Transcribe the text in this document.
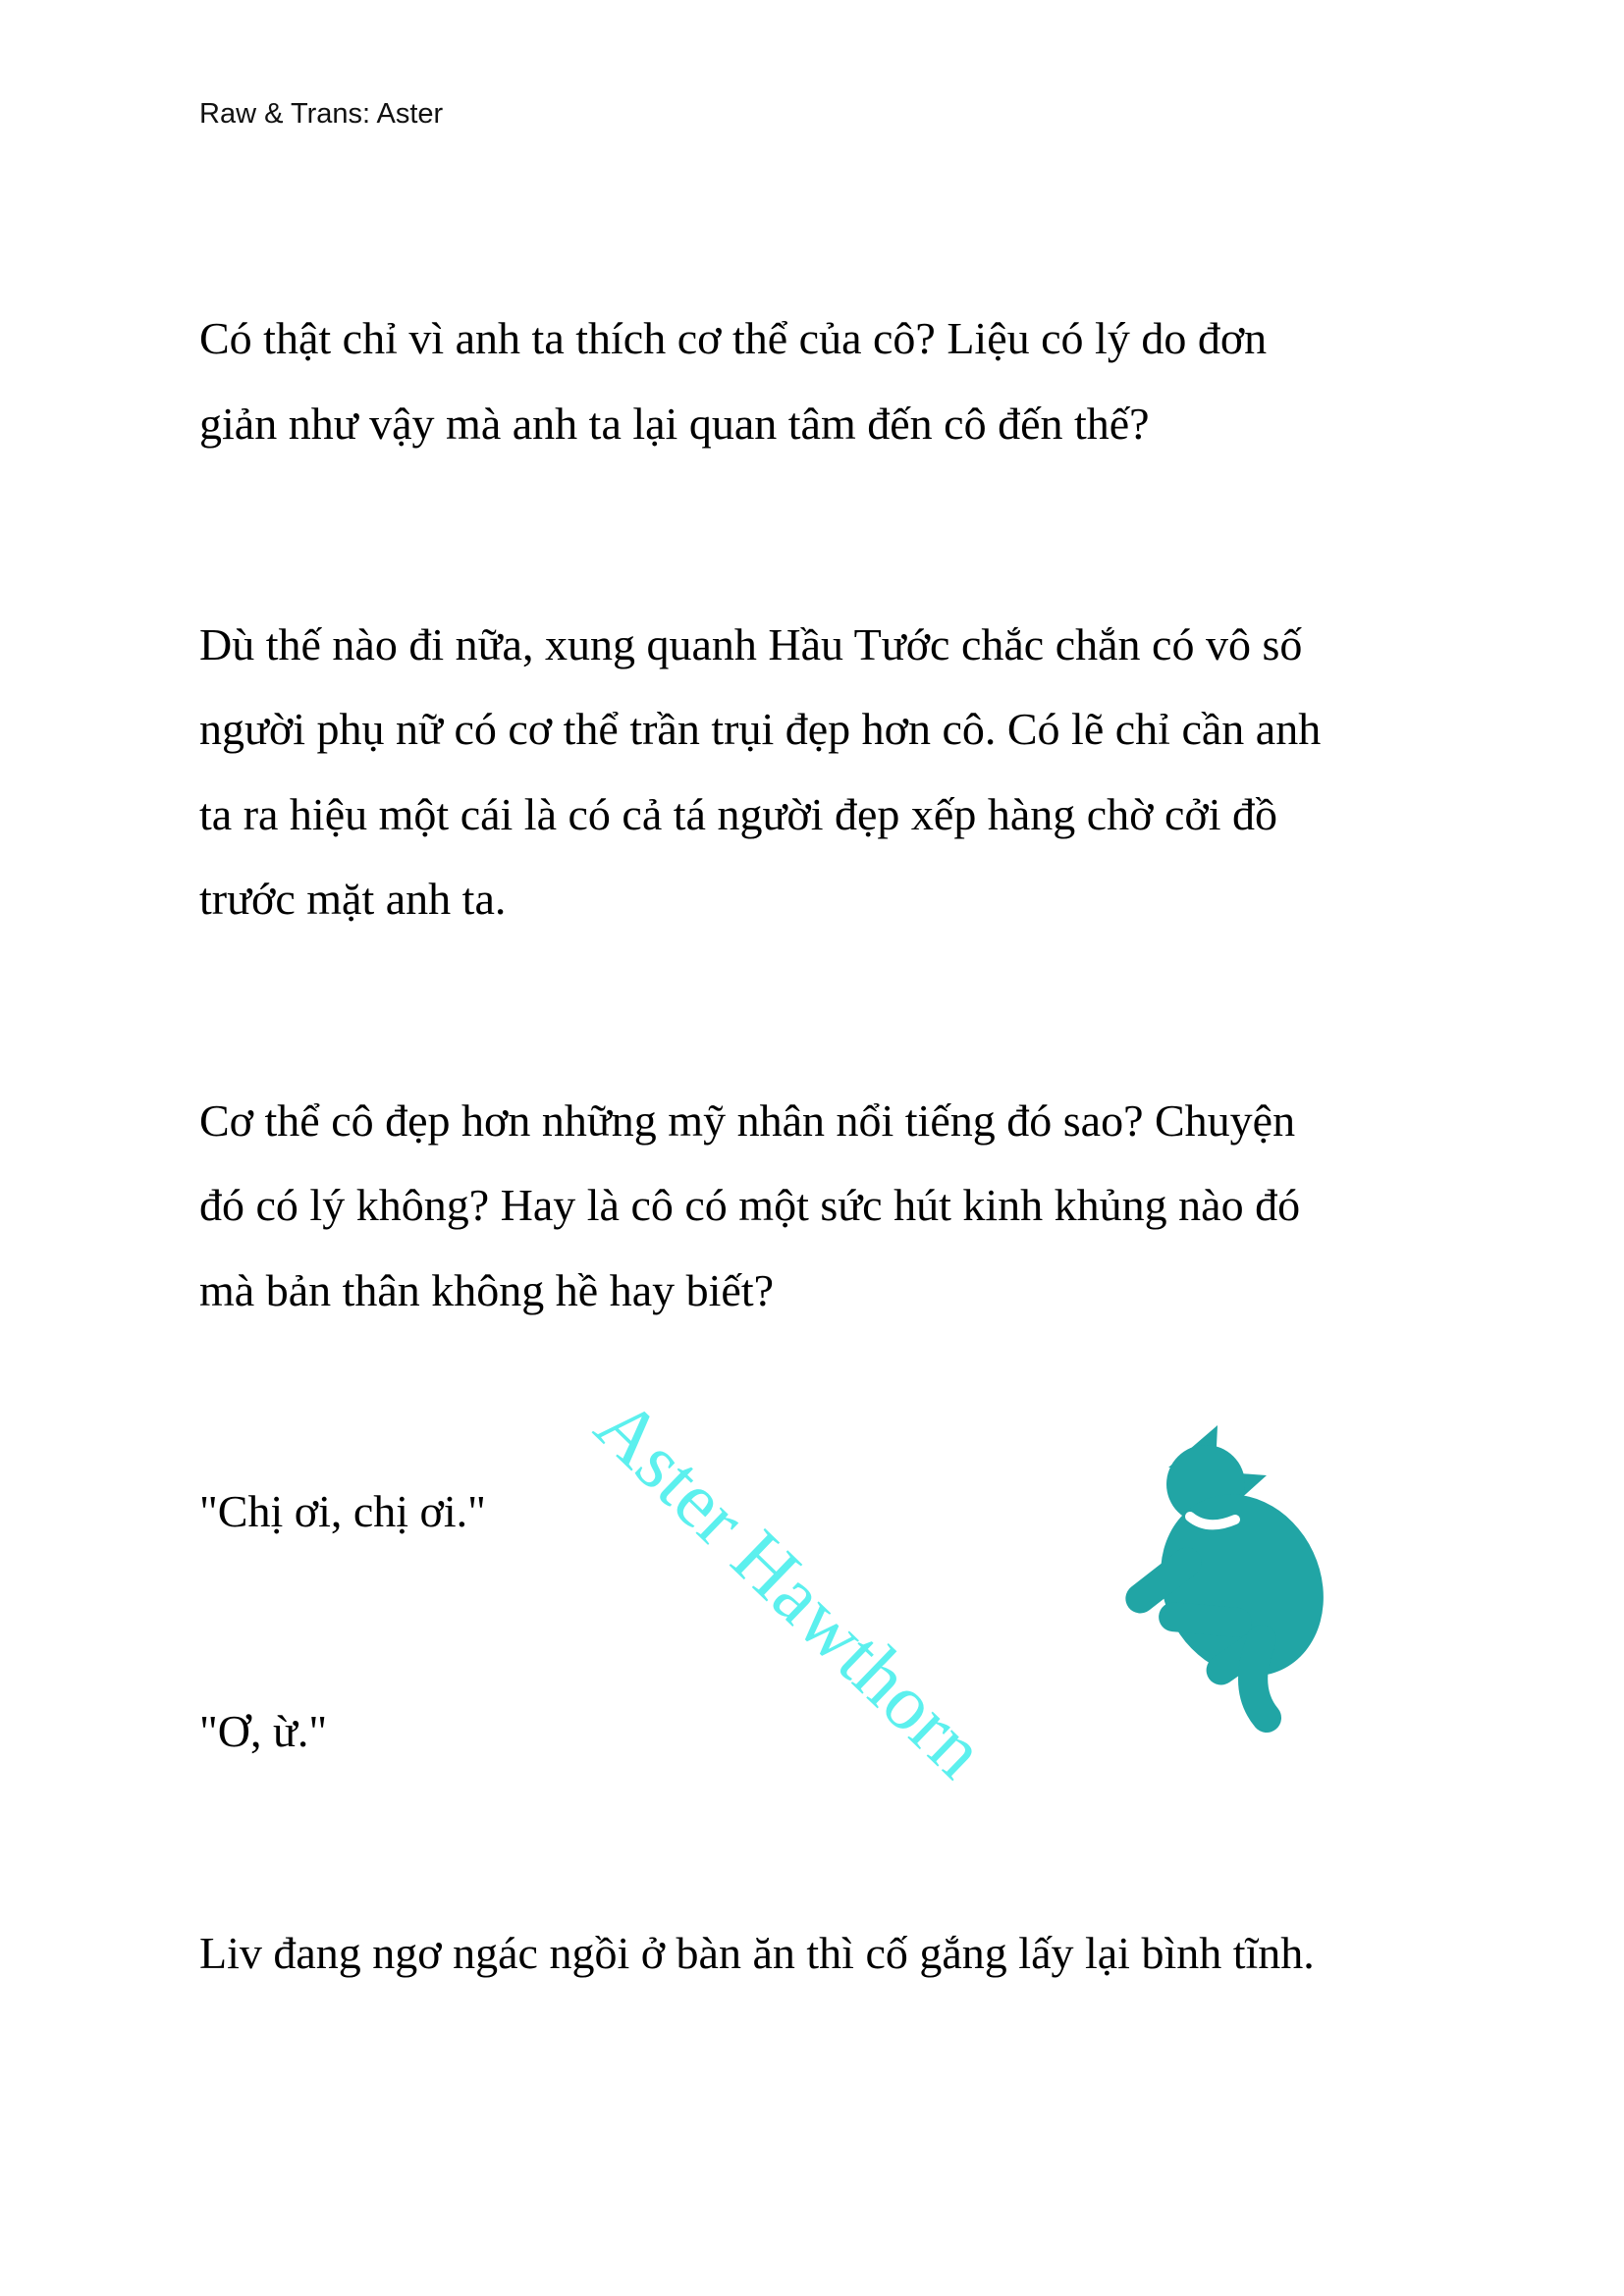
Raw & Trans: Aster
Có thật chỉ vì anh ta thích cơ thể của cô? Liệu có lý do đơn
giản như vậy mà anh ta lại quan tâm đến cô đến thế?
Dù thế nào đi nữa, xung quanh Hầu Tước chắc chắn có vô số
người phụ nữ có cơ thể trần trụi đẹp hơn cô. Có lẽ chỉ cần anh
ta ra hiệu một cái là có cả tá người đẹp xếp hàng chờ cởi đồ
trước mặt anh ta.
Cơ thể cô đẹp hơn những mỹ nhân nổi tiếng đó sao? Chuyện
đó có lý không? Hay là cô có một sức hút kinh khủng nào đó
mà bản thân không hề hay biết?
"Chị ơi, chị ơi."
"Ơ, ừ."
Liv đang ngơ ngác ngồi ở bàn ăn thì cố gắng lấy lại bình tĩnh.
Aster Hawthorn
